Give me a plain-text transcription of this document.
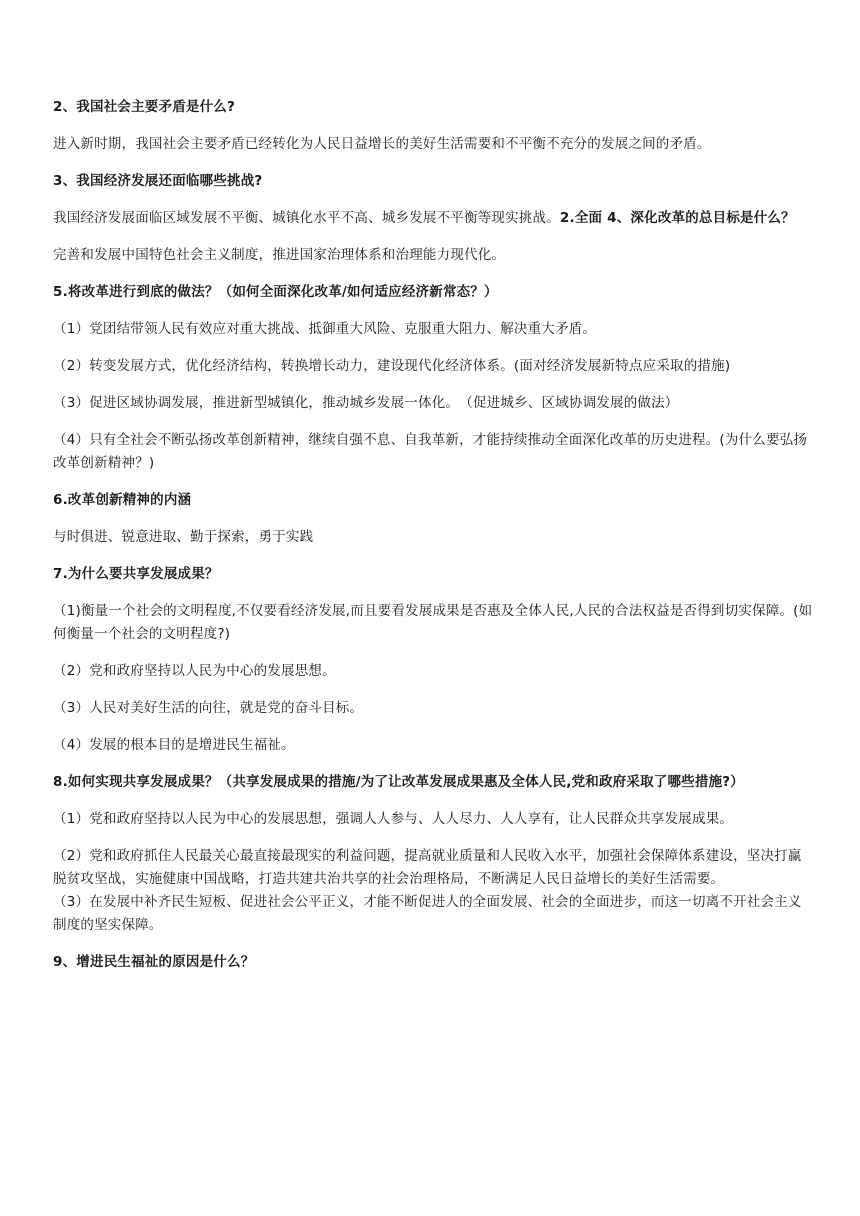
2、我国社会主要矛盾是什么?

进入新时期，我国社会主要矛盾已经转化为人民日益增长的美好生活需要和不平衡不充分的发展之间的矛盾。

3、我国经济发展还面临哪些挑战?

我国经济发展面临区域发展不平衡、城镇化水平不高、城乡发展不平衡等现实挑战。2.全面 4、深化改革的总目标是什么？

完善和发展中国特色社会主义制度，推进国家治理体系和治理能力现代化。

5.将改革进行到底的做法？（如何全面深化改革/如何适应经济新常态？）

（1）党团结带领人民有效应对重大挑战、抵御重大风险、克服重大阻力、解决重大矛盾。

（2）转变发展方式，优化经济结构，转换增长动力，建设现代化经济体系。(面对经济发展新特点应采取的措施)

（3）促进区域协调发展，推进新型城镇化，推动城乡发展一体化。　（促进城乡、区域协调发展的做法）

（4）只有全社会不断弘扬改革创新精神，继续自强不息、自我革新，才能持续推动全面深化改革的历史进程。(为什么要弘扬改革创新精神？)

6.改革创新精神的内涵

与时俱进、锐意进取、勤于探索，勇于实践

7.为什么要共享发展成果？

（1)衡量一个社会的文明程度,不仅要看经济发展,而且要看发展成果是否惠及全体人民,人民的合法权益是否得到切实保障。(如何衡量一个社会的文明程度?)

（2）党和政府坚持以人民为中心的发展思想。

（3）人民对美好生活的向往，就是党的奋斗目标。

（4）发展的根本目的是增进民生福祉。

8.如何实现共享发展成果？（共享发展成果的措施/为了让改革发展成果惠及全体人民,党和政府采取了哪些措施?）

（1）党和政府坚持以人民为中心的发展思想，强调人人参与、人人尽力、人人享有，让人民群众共享发展成果。

（2）党和政府抓住人民最关心最直接最现实的利益问题，提高就业质量和人民收入水平，加强社会保障体系建设，坚决打赢脱贫攻坚战，实施健康中国战略，打造共建共治共享的社会治理格局，不断满足人民日益增长的美好生活需要。

（3）在发展中补齐民生短板、促进社会公平正义，才能不断促进人的全面发展、社会的全面进步，而这一切离不开社会主义制度的坚实保障。

9、增进民生福祉的原因是什么？
